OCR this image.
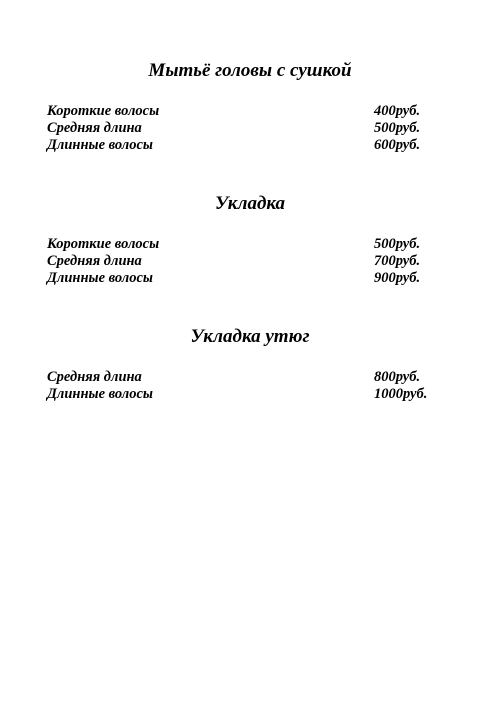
Мытьё головы с сушкой
Короткие волосы	400руб.
Средняя длина	500руб.
Длинные волосы	600руб.
Укладка
Короткие волосы	500руб.
Средняя длина	700руб.
Длинные волосы	900руб.
Укладка утюг
Средняя длина	800руб.
Длинные волосы	1000руб.
